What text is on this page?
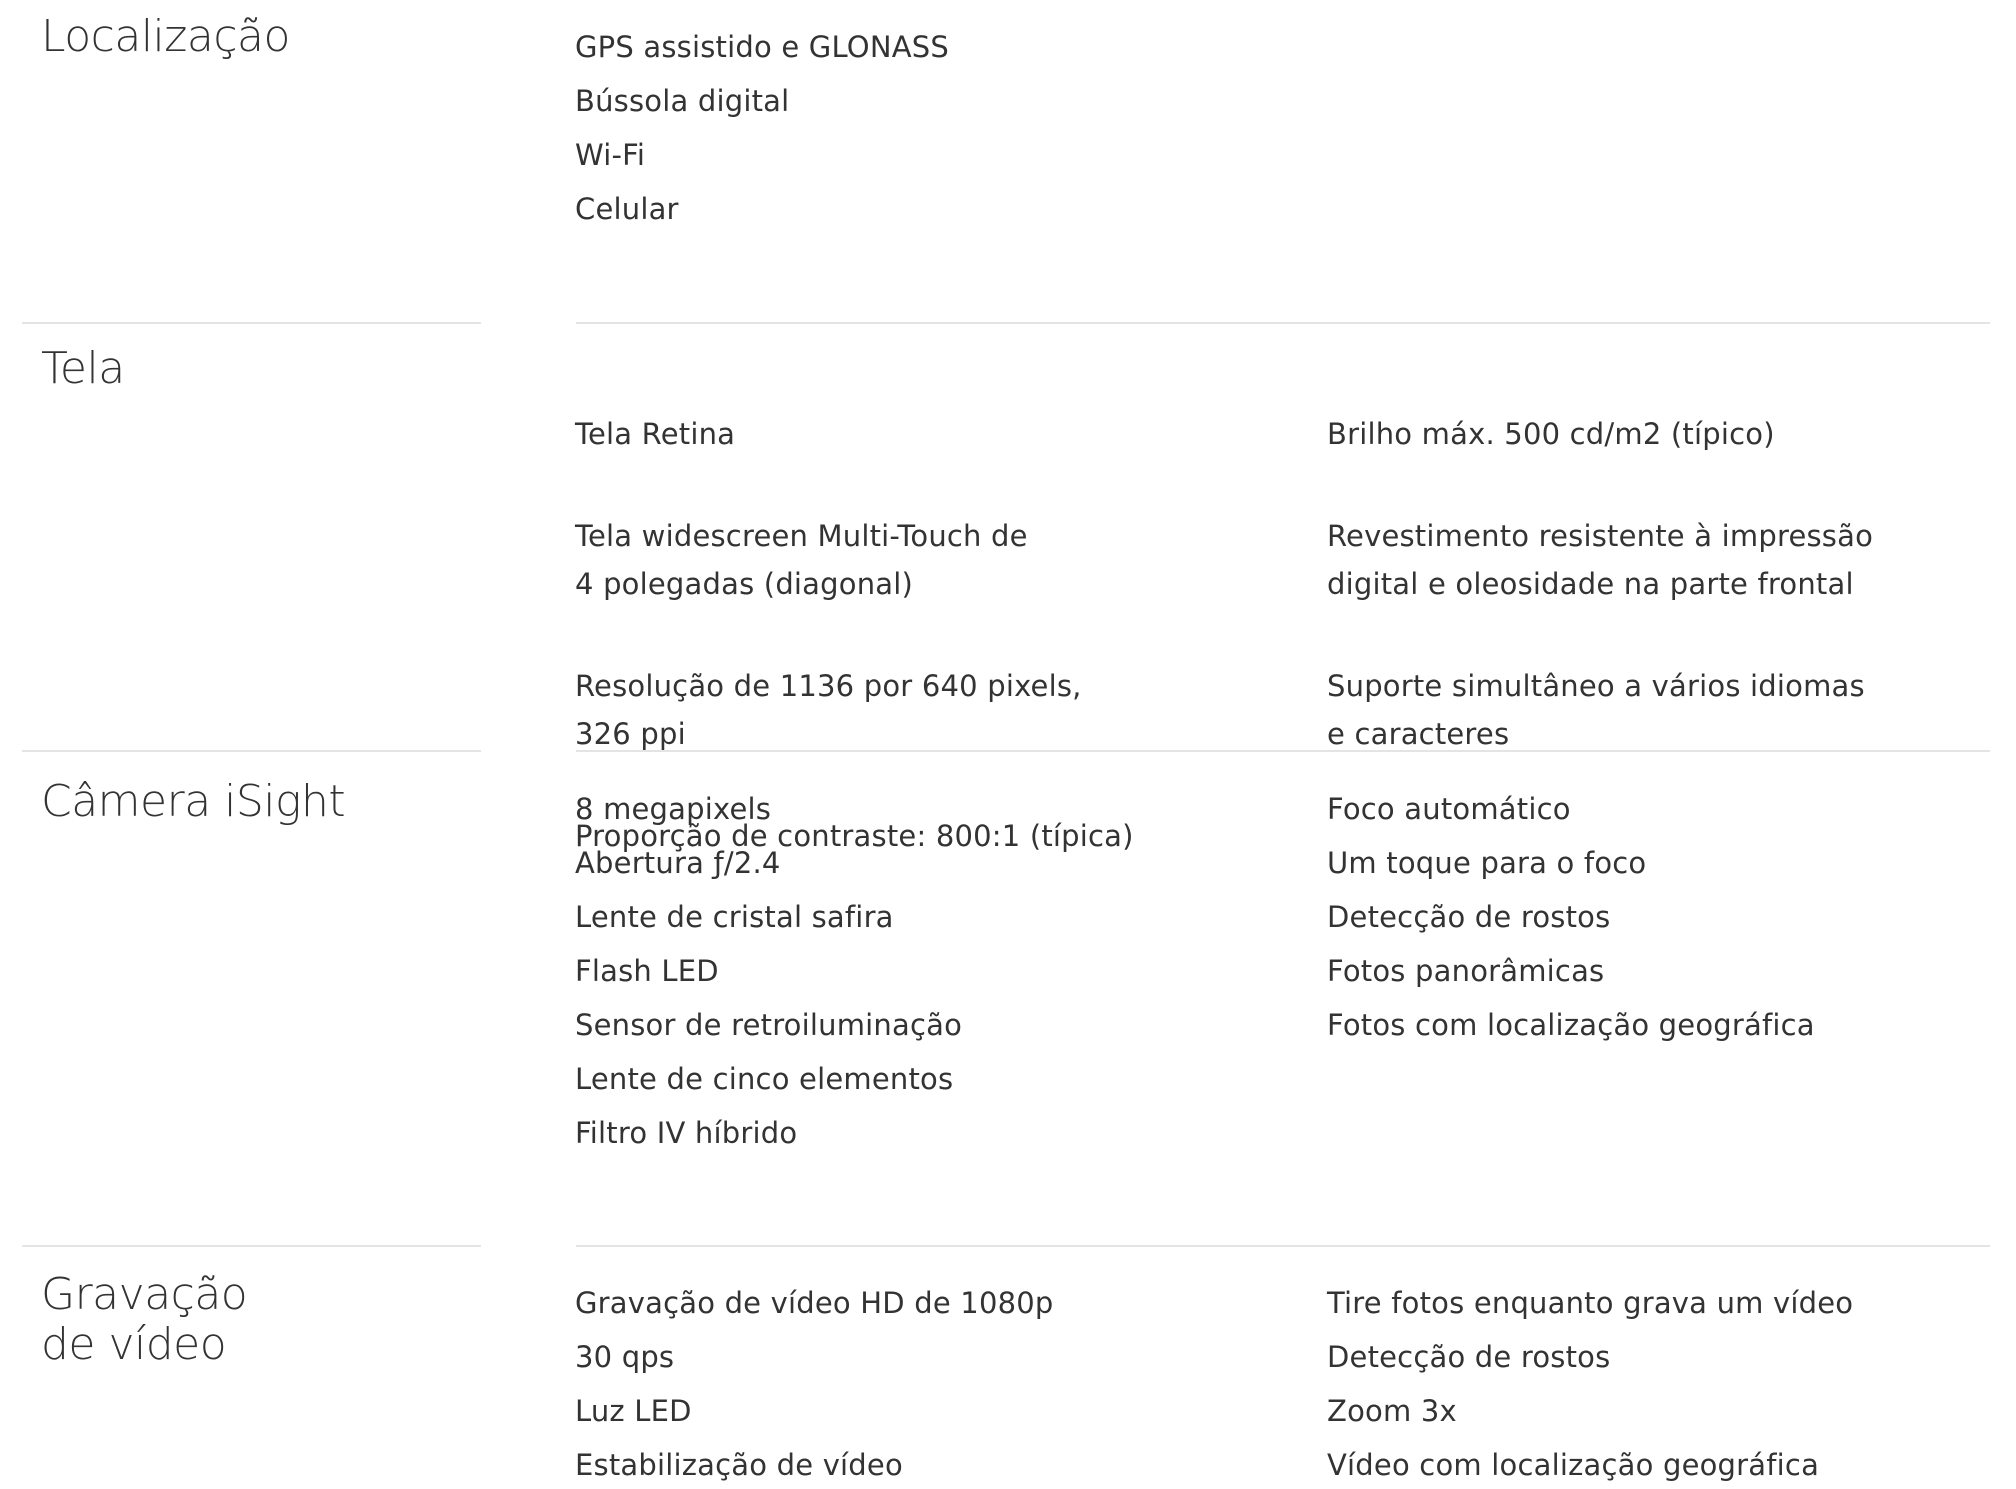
Localização	GPS assistido e GLONASS
Bússola digital
Wi-Fi
Celular
Tela

Tela Retina

Tela widescreen Multi-Touch de
4 polegadas (diagonal)

Resolução de 1136 por 640 pixels,
326 ppi

Proporção de contraste: 800:1 (típica)

Brilho máx. 500 cd/m2 (típico)

Revestimento resistente à impressão
digital e oleosidade na parte frontal

Suporte simultâneo a vários idiomas
e caracteres

Câmera iSight	8 megapixels
Abertura ƒ/2.4
Lente de cristal safira
Flash LED
Sensor de retroiluminação
Lente de cinco elementos
Filtro IV híbrido
Foco automático
Um toque para o foco
Detecção de rostos
Fotos panorâmicas
Fotos com localização geográfica
Gravação
de vídeo
Gravação de vídeo HD de 1080p
30 qps
Luz LED
Estabilização de vídeo
Tire fotos enquanto grava um vídeo
Detecção de rostos
Zoom 3x
Vídeo com localização geográfica
